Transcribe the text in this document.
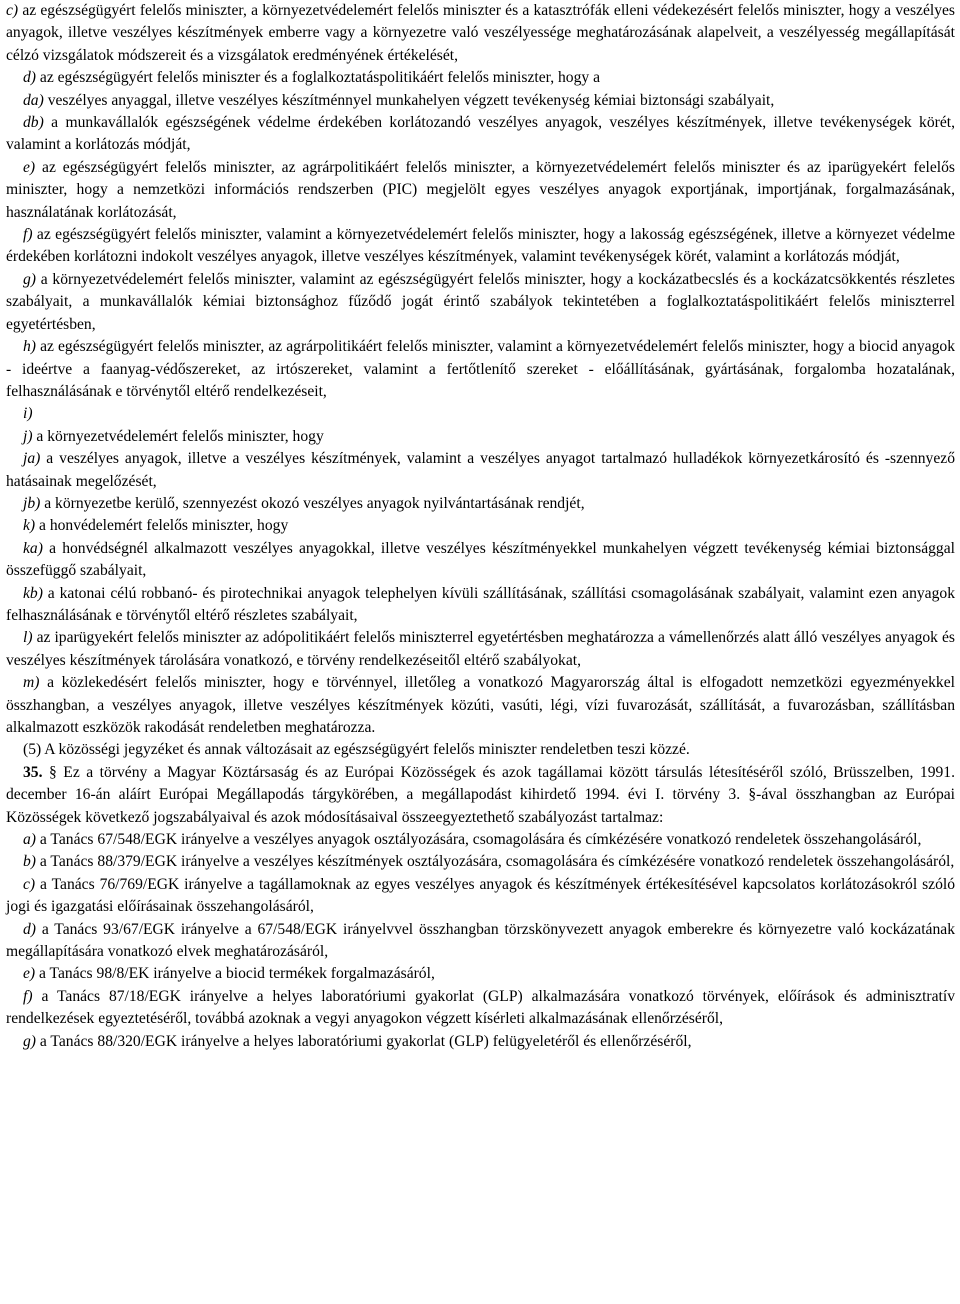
c) az egészségügyért felelős miniszter, a környezetvédelemért felelős miniszter és a katasztrófák elleni védekezésért felelős miniszter, hogy a veszélyes anyagok, illetve veszélyes készítmények emberre vagy a környezetre való veszélyessége meghatározásának alapelveit, a veszélyesség megállapítását célzó vizsgálatok módszereit és a vizsgálatok eredményének értékelését,

d) az egészségügyért felelős miniszter és a foglalkoztatáspolitikáért felelős miniszter, hogy a

da) veszélyes anyaggal, illetve veszélyes készítménnyel munkahelyen végzett tevékenység kémiai biztonsági szabályait,

db) a munkavállalók egészségének védelme érdekében korlátozandó veszélyes anyagok, veszélyes készítmények, illetve tevékenységek körét, valamint a korlátozás módját,

e) az egészségügyért felelős miniszter, az agrárpolitikáért felelős miniszter, a környezetvédelemért felelős miniszter és az iparügyekért felelős miniszter, hogy a nemzetközi információs rendszerben (PIC) megjelölt egyes veszélyes anyagok exportjának, importjának, forgalmazásának, használatának korlátozását,

f) az egészségügyért felelős miniszter, valamint a környezetvédelemért felelős miniszter, hogy a lakosság egészségének, illetve a környezet védelme érdekében korlátozni indokolt veszélyes anyagok, illetve veszélyes készítmények, valamint tevékenységek körét, valamint a korlátozás módját,

g) a környezetvédelemért felelős miniszter, valamint az egészségügyért felelős miniszter, hogy a kockázatbecslés és a kockázatcsökkentés részletes szabályait, a munkavállalók kémiai biztonsághoz fűződő jogát érintő szabályok tekintetében a foglalkoztatáspolitikáért felelős miniszterrel egyetértésben,

h) az egészségügyért felelős miniszter, az agrárpolitikáért felelős miniszter, valamint a környezetvédelemért felelős miniszter, hogy a biocid anyagok - ideértve a faanyag-védőszereket, az irtószereket, valamint a fertőtlenítő szereket - előállításának, gyártásának, forgalomba hozatalának, felhasználásának e törvénytől eltérő rendelkezéseit,

i)

j) a környezetvédelemért felelős miniszter, hogy

ja) a veszélyes anyagok, illetve a veszélyes készítmények, valamint a veszélyes anyagot tartalmazó hulladékok környezetkárosító és -szennyező hatásainak megelőzését,

jb) a környezetbe kerülő, szennyezést okozó veszélyes anyagok nyilvántartásának rendjét,

k) a honvédelemért felelős miniszter, hogy

ka) a honvédségnél alkalmazott veszélyes anyagokkal, illetve veszélyes készítményekkel munkahelyen végzett tevékenység kémiai biztonsággal összefüggő szabályait,

kb) a katonai célú robbanó- és pirotechnikai anyagok telephelyen kívüli szállításának, szállítási csomagolásának szabályait, valamint ezen anyagok felhasználásának e törvénytől eltérő részletes szabályait,

l) az iparügyekért felelős miniszter az adópolitikáért felelős miniszterrel egyetértésben meghatározza a vámellenőrzés alatt álló veszélyes anyagok és veszélyes készítmények tárolására vonatkozó, e törvény rendelkezéseitől eltérő szabályokat,

m) a közlekedésért felelős miniszter, hogy e törvénnyel, illetőleg a vonatkozó Magyarország által is elfogadott nemzetközi egyezményekkel összhangban, a veszélyes anyagok, illetve veszélyes készítmények közúti, vasúti, légi, vízi fuvarozását, szállítását, a fuvarozásban, szállításban alkalmazott eszközök rakodását rendeletben meghatározza.

(5) A közösségi jegyzéket és annak változásait az egészségügyért felelős miniszter rendeletben teszi közzé.

35. § Ez a törvény a Magyar Köztársaság és az Európai Közösségek és azok tagállamai között társulás létesítéséről szóló, Brüsszelben, 1991. december 16-án aláírt Európai Megállapodás tárgykörében, a megállapodást kihirdető 1994. évi I. törvény 3. §-ával összhangban az Európai Közösségek következő jogszabályaival és azok módosításaival összeegyeztethető szabályozást tartalmaz:

a) a Tanács 67/548/EGK irányelve a veszélyes anyagok osztályozására, csomagolására és címkézésére vonatkozó rendeletek összehangolásáról,

b) a Tanács 88/379/EGK irányelve a veszélyes készítmények osztályozására, csomagolására és címkézésére vonatkozó rendeletek összehangolásáról,

c) a Tanács 76/769/EGK irányelve a tagállamoknak az egyes veszélyes anyagok és készítmények értékesítésével kapcsolatos korlátozásokról szóló jogi és igazgatási előírásainak összehangolásáról,

d) a Tanács 93/67/EGK irányelve a 67/548/EGK irányelvvel összhangban törzskönyvezett anyagok emberekre és környezetre való kockázatának megállapítására vonatkozó elvek meghatározásáról,

e) a Tanács 98/8/EK irányelve a biocid termékek forgalmazásáról,

f) a Tanács 87/18/EGK irányelve a helyes laboratóriumi gyakorlat (GLP) alkalmazására vonatkozó törvények, előírások és adminisztratív rendelkezések egyeztetéséről, továbbá azoknak a vegyi anyagokon végzett kísérleti alkalmazásának ellenőrzéséről,

g) a Tanács 88/320/EGK irányelve a helyes laboratóriumi gyakorlat (GLP) felügyeletéről és ellenőrzéséről,
